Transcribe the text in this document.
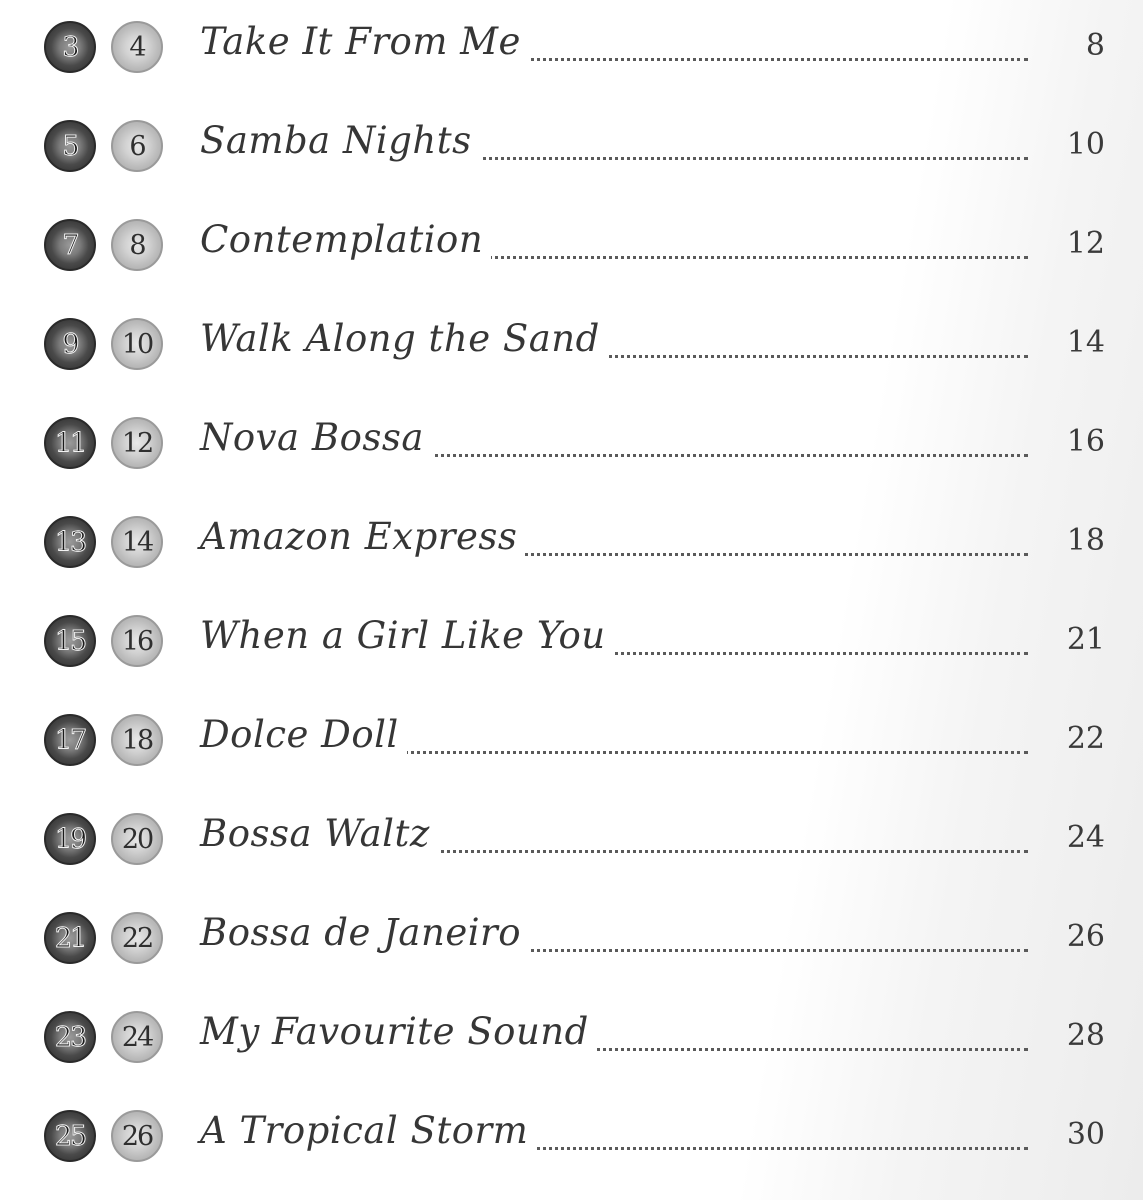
3	4	Take It From Me	8
5	6	Samba Nights	10
7	8	Contemplation	12
9	10 Walk Along the Sand	14
11	12 Nova Bossa	16
13	14 Amazon Express	18
15	16 When a Girl Like You	21
17	18 Dolce Doll	22
19	20 Bossa Waltz	24
21	22 Bossa de Janeiro	26
23	24 My Favourite Sound	28
25	26 A Tropical Storm	30
